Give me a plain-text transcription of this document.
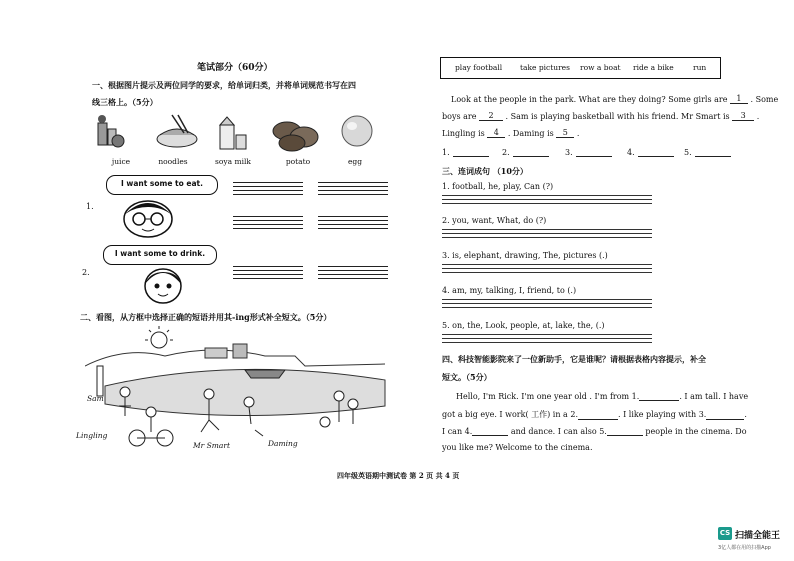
笔试部分（60分）
一、根据图片提示及两位同学的要求，给单词归类，并将单词规范书写在四
线三格上。（5分）
juice	noodles	soya milk	potato	egg
I want some to eat.
1.
I want some to drink.
2.
二、看图，从方框中选择正确的短语并用其-ing形式补全短文。（5分）
Sam
Lingling
Mr Smart	Daming
play football take pictures row a boat ride a bike	run
Look at the people in the park. What are they doing? Some girls are 1 . Some
boys are 2 . Sam is playing basketball with his friend. Mr Smart is 3 .
Lingling is 4 . Daming is 5 .
1.	2.	3.	4.	5.
三、连词成句 （10分）
1. football, he, play, Can (?)
2. you, want, What, do (?)
3. is, elephant, drawing, The, pictures (.)
4. am, my, talking, I, friend, to (.)
5. on, the, Look, people, at, lake, the, (.)
四、科技智能影院来了一位新助手，它是谁呢？请根据表格内容提示，补全
短文。（5分）
Hello, I'm Rick. I'm one year old . I'm from 1.	. I am tall. I have
got a big eye. I work( 工作) in a 2.	. I like playing with 3.	.
I can 4.	and dance. I can also 5.	people in the cinema. Do
you like me? Welcome to the cinema.
四年级英语期中测试卷 第 2 页 共 4 页
CS 扫描全能王
3亿人都在用的扫描App
